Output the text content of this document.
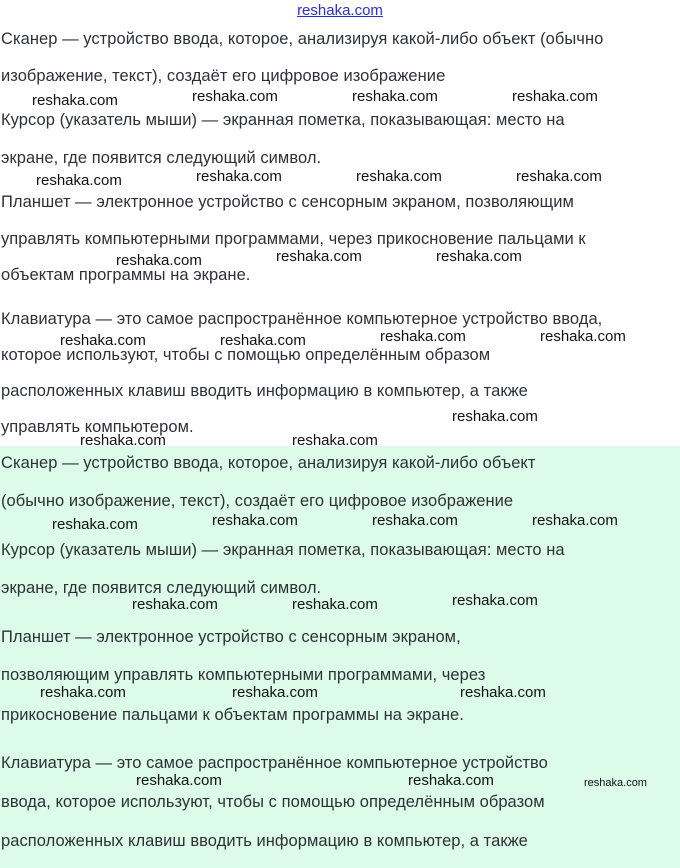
reshaka.com
Сканер — устройство ввода, которое, анализируя какой-либо объект (обычно
изображение, текст), создаёт его цифровое изображение
Курсор (указатель мыши) — экранная пометка, показывающая: место на
экране, где появится следующий символ.
Планшет — электронное устройство с сенсорным экраном, позволяющим
управлять компьютерными программами, через прикосновение пальцами к
объектам программы на экране.
Клавиатура — это самое распространённое компьютерное устройство ввода,
которое используют, чтобы с помощью определённым образом
расположенных клавиш вводить информацию в компьютер, а также
управлять компьютером.
Сканер — устройство ввода, которое, анализируя какой-либо объект
(обычно изображение, текст), создаёт его цифровое изображение
Курсор (указатель мыши) — экранная пометка, показывающая: место на
экране, где появится следующий символ.
Планшет — электронное устройство с сенсорным экраном,
позволяющим управлять компьютерными программами, через
прикосновение пальцами к объектам программы на экране.
Клавиатура — это самое распространённое компьютерное устройство
ввода, которое используют, чтобы с помощью определённым образом
расположенных клавиш вводить информацию в компьютер, а также
reshaka.com	reshaka.com	reshaka.com	reshaka.com
reshaka.com	reshaka.com	reshaka.com	reshaka.com
reshaka.com	reshaka.com	reshaka.com
reshaka.com	reshaka.com	reshaka.com	reshaka.com
reshaka.com
reshaka.com	reshaka.com
reshaka.com	reshaka.com	reshaka.com	reshaka.com
reshaka.com	reshaka.com	reshaka.com
reshaka.com	reshaka.com	reshaka.com
reshaka.com	reshaka.com	reshaka.com
